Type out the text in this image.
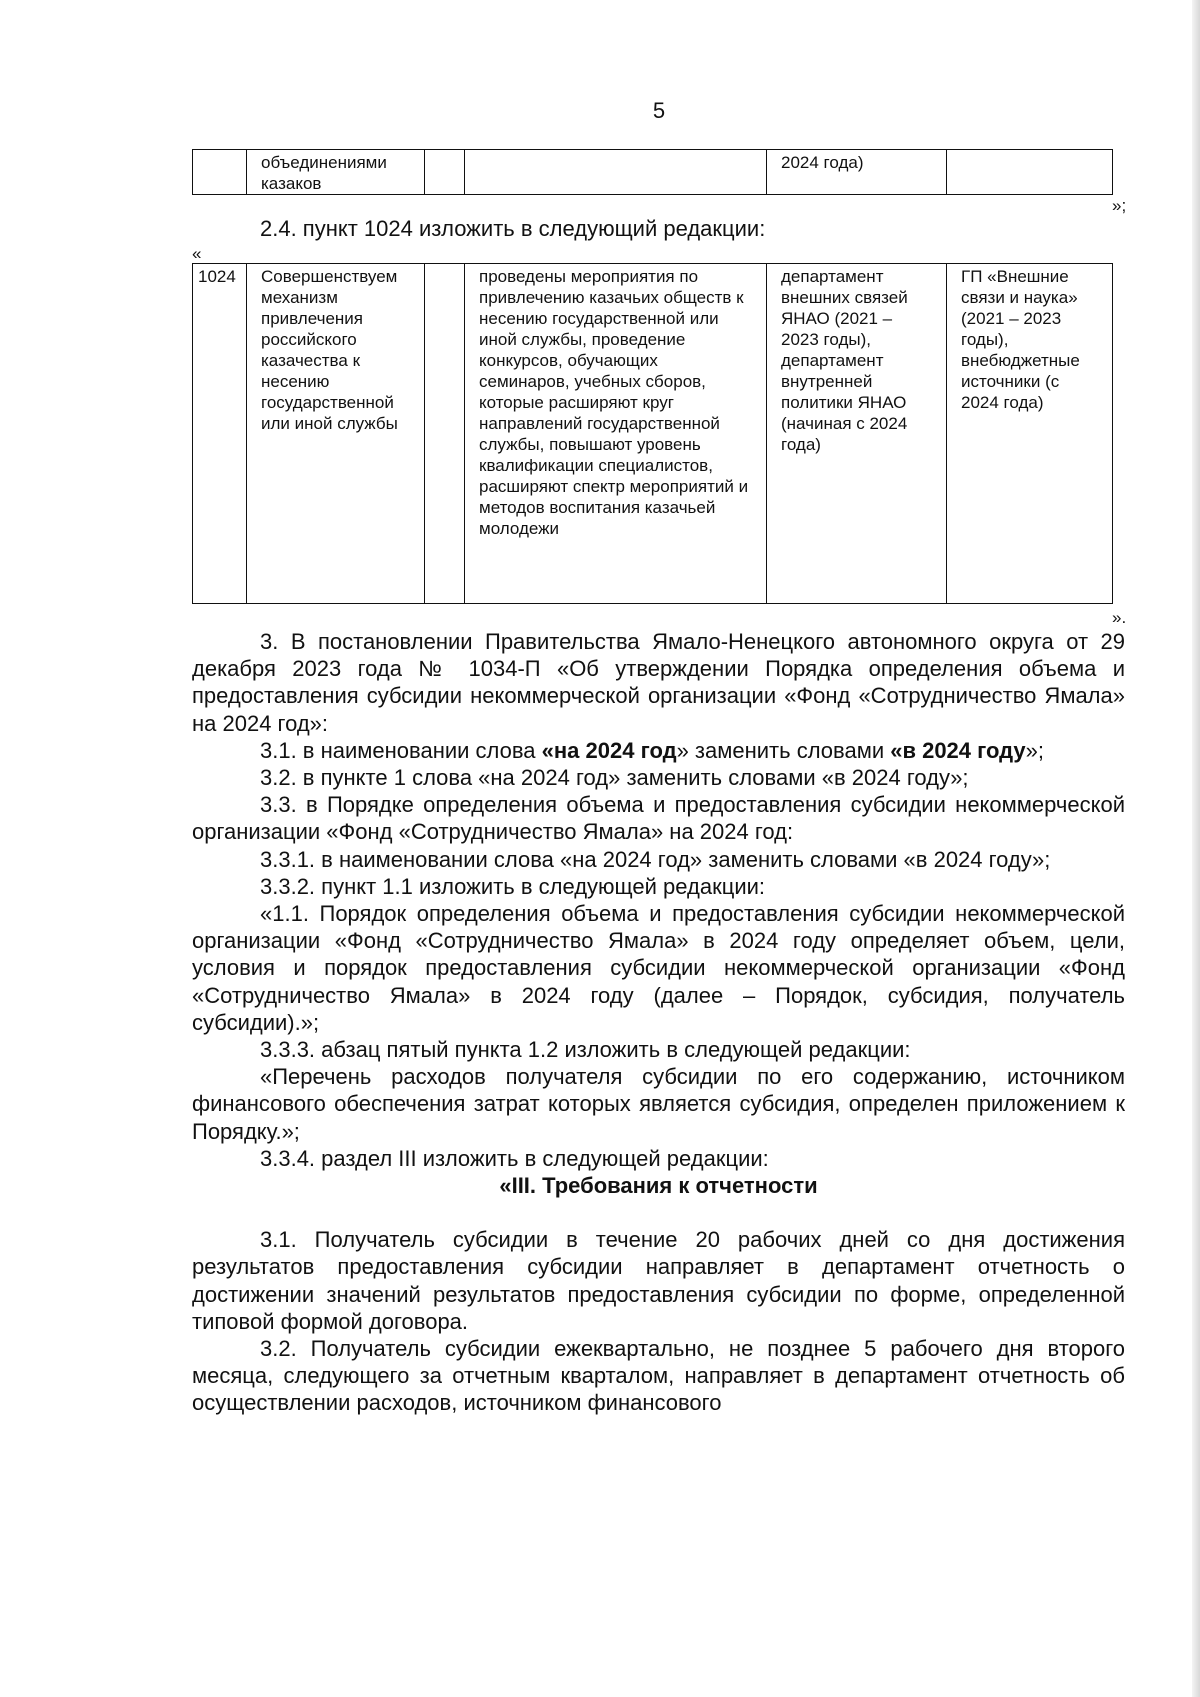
5
	объединениями казаков			2024 года)	
»;

2.4. пункт 1024 изложить в следующий редакции:

«
1024	Совершенствуем механизм привлечения российского казачества к несению государственной или иной службы		проведены мероприятия по привлечению казачьих обществ к несению государственной или иной службы, проведение конкурсов, обучающих семинаров, учебных сборов, которые расширяют круг направлений государственной службы, повышают уровень квалификации специалистов, расширяют спектр мероприятий и методов воспитания казачьей молодежи	департамент внешних связей ЯНАО (2021 – 2023 годы), департамент внутренней политики ЯНАО (начиная с 2024 года)	ГП «Внешние связи и наука» (2021 – 2023 годы), внебюджетные источники (с 2024 года)
».

3. В постановлении Правительства Ямало-Ненецкого автономного округа от 29 декабря 2023 года № 1034-П «Об утверждении Порядка определения объема и предоставления субсидии некоммерческой организации «Фонд «Сотрудничество Ямала» на 2024 год»:

3.1. в наименовании слова «на 2024 год» заменить словами «в 2024 году»;

3.2. в пункте 1 слова «на 2024 год» заменить словами «в 2024 году»;

3.3. в Порядке определения объема и предоставления субсидии некоммерческой организации «Фонд «Сотрудничество Ямала» на 2024 год:

3.3.1. в наименовании слова «на 2024 год» заменить словами «в 2024 году»;

3.3.2. пункт 1.1 изложить в следующей редакции:

«1.1. Порядок определения объема и предоставления субсидии некоммерческой организации «Фонд «Сотрудничество Ямала» в 2024 году определяет объем, цели, условия и порядок предоставления субсидии некоммерческой организации «Фонд «Сотрудничество Ямала» в 2024 году (далее – Порядок, субсидия, получатель субсидии).»;

3.3.3. абзац пятый пункта 1.2 изложить в следующей редакции:

«Перечень расходов получателя субсидии по его содержанию, источником финансового обеспечения затрат которых является субсидия, определен приложением к Порядку.»;

3.3.4. раздел III изложить в следующей редакции:

«III. Требования к отчетности

3.1. Получатель субсидии в течение 20 рабочих дней со дня достижения результатов предоставления субсидии направляет в департамент отчетность о достижении значений результатов предоставления субсидии по форме, определенной типовой формой договора.

3.2. Получатель субсидии ежеквартально, не позднее 5 рабочего дня второго месяца, следующего за отчетным кварталом, направляет в департамент отчетность об осуществлении расходов, источником финансового
